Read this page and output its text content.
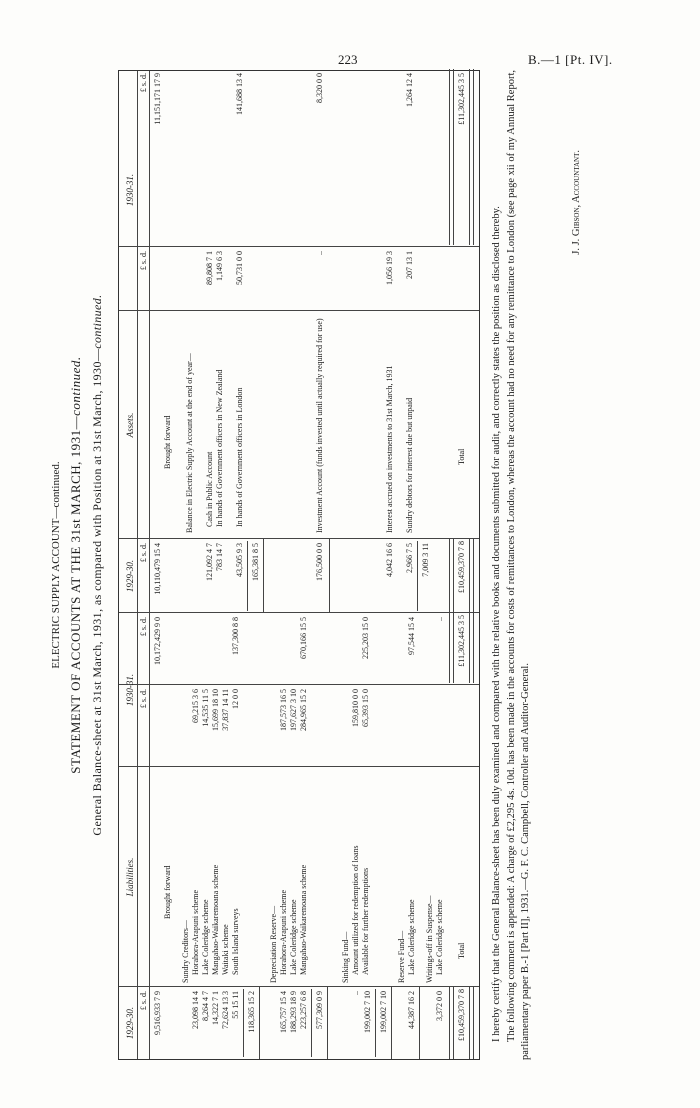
223	B.—1 [Pt. IV].
ELECTRIC SUPPLY ACCOUNT—continued. STATEMENT OF ACCOUNTS AT THE 31st MARCH, 1931—continued. General Balance-sheet at 31st March, 1931, as compared with Position at 31st March, 1930—continued.
1929-30.
Liabilities.
1930-31.
1929-30.
Assets.
1930-31.
£ s. d.
£ s. d.
£ s. d.
£ s. d.
£ s. d.
£ s. d.
9,516,933 7 9
Brought forward
10,172,429 9 0
Sundry Creditors— Horahora-Arapuni scheme Lake Coleridge scheme Mangahao-Waikaremoana scheme Waitaki scheme South Island surveys
23,098 14 4 8,264 4 7 14,322 7 1 72,624 13 3 55 15 11
69,215 3 6 14,535 11 5 15,699 18 10 37,837 14 11 12 0 0
118,365 15 2
137,300 8 8
Depreciation Reserve— Horahora-Arapuni scheme Lake Coleridge scheme Mangahao-Waikaremoana scheme
165,757 15 4 188,293 18 9 223,257 6 8
187,573 16 5 197,627 3 10 284,965 15 2
577,309 0 9
670,166 15 5
Sinking Fund— Amount utilized for redemption of loans Available for further redemptions
.. 199,002 7 10
159,810 0 0 65,393 15 0
199,002 7 10
225,203 15 0
Reserve Fund— Lake Coleridge scheme
44,387 16 2
97,544 15 4
Writings-off in Suspense— Lake Coleridge scheme
3,372 0 0
..
£10,459,370 7 8
Total
£11,302,445 3 5
10,110,479 15 4
Brought forward
11,151,171 17 9
Balance in Electric Supply Account at the end of year— Cash in Public Account In hands of Government officers in New Zealand In hands of Government officers in London
121,092 4 7 783 14 7 43,505 9 3
89,808 7 1 1,149 6 3 50,731 0 0
165,381 8 5
141,688 13 4
Investment Account (funds invested until actually required for use)
176,500 0 0
..
8,320 0 0
Interest accrued on investments to 31st March, 1931 Sundry debtors for interest due but unpaid
4,042 16 6 2,966 7 5
1,056 19 3 207 13 1
7,009 3 11
1,264 12 4
£10,459,370 7 8
Total
£11,302,445 3 5

I hereby certify that the General Balance-sheet has been duly examined and compared with the relative books and documents submitted for audit, and correctly states the position as disclosed thereby. The following comment is appended: A charge of £2,295 4s. 10d. has been made in the accounts for costs of remittances to London, whereas the account had no need for any remittance to London (see page xii of my Annual Report, parliamentary paper B.-1 [Part II], 1931.—G. F. C. Campbell, Controller and Auditor-General.

J. J. Gibson, Accountant.
